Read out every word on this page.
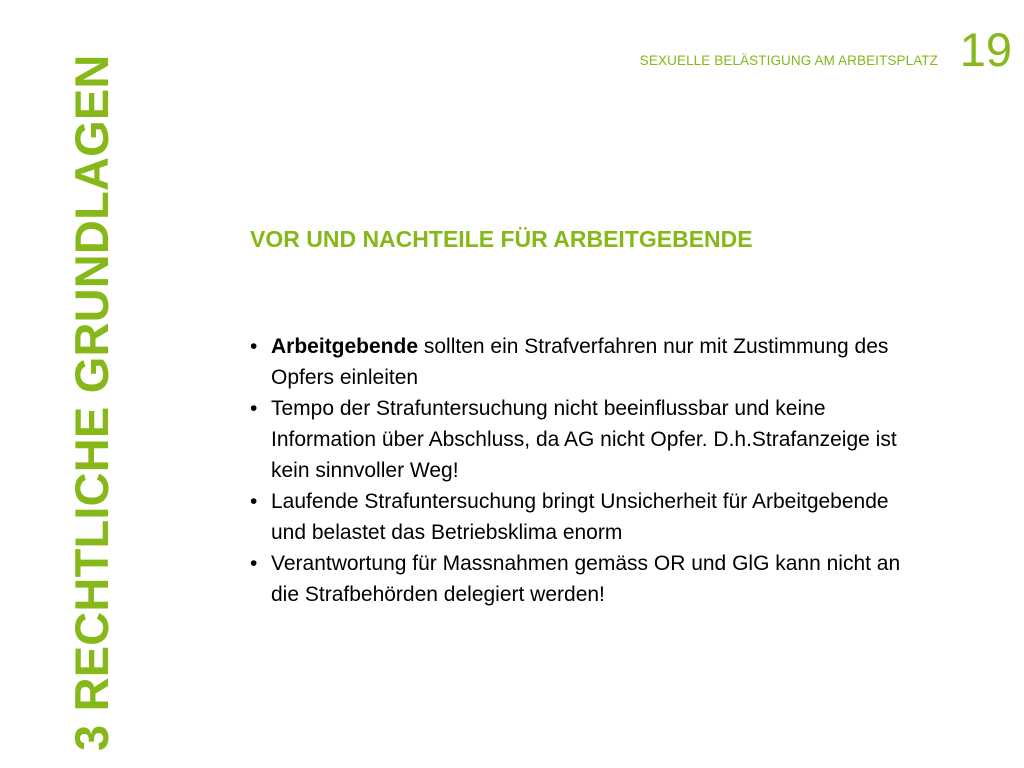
3 RECHTLICHE GRUNDLAGEN	SEXUELLE BELÄSTIGUNG AM ARBEITSPLATZ 19
VOR UND NACHTEILE FÜR ARBEITGEBENDE
• Arbeitgebende sollten ein Strafverfahren nur mit Zustimmung des Opfers einleiten
• Tempo der Strafuntersuchung nicht beeinflussbar und keine Information über Abschluss, da AG nicht Opfer. D.h.Strafanzeige ist kein sinnvoller Weg!
• Laufende Strafuntersuchung bringt Unsicherheit für Arbeitgebende und belastet das Betriebsklima enorm
• Verantwortung für Massnahmen gemäss OR und GlG kann nicht an die Strafbehörden delegiert werden!
